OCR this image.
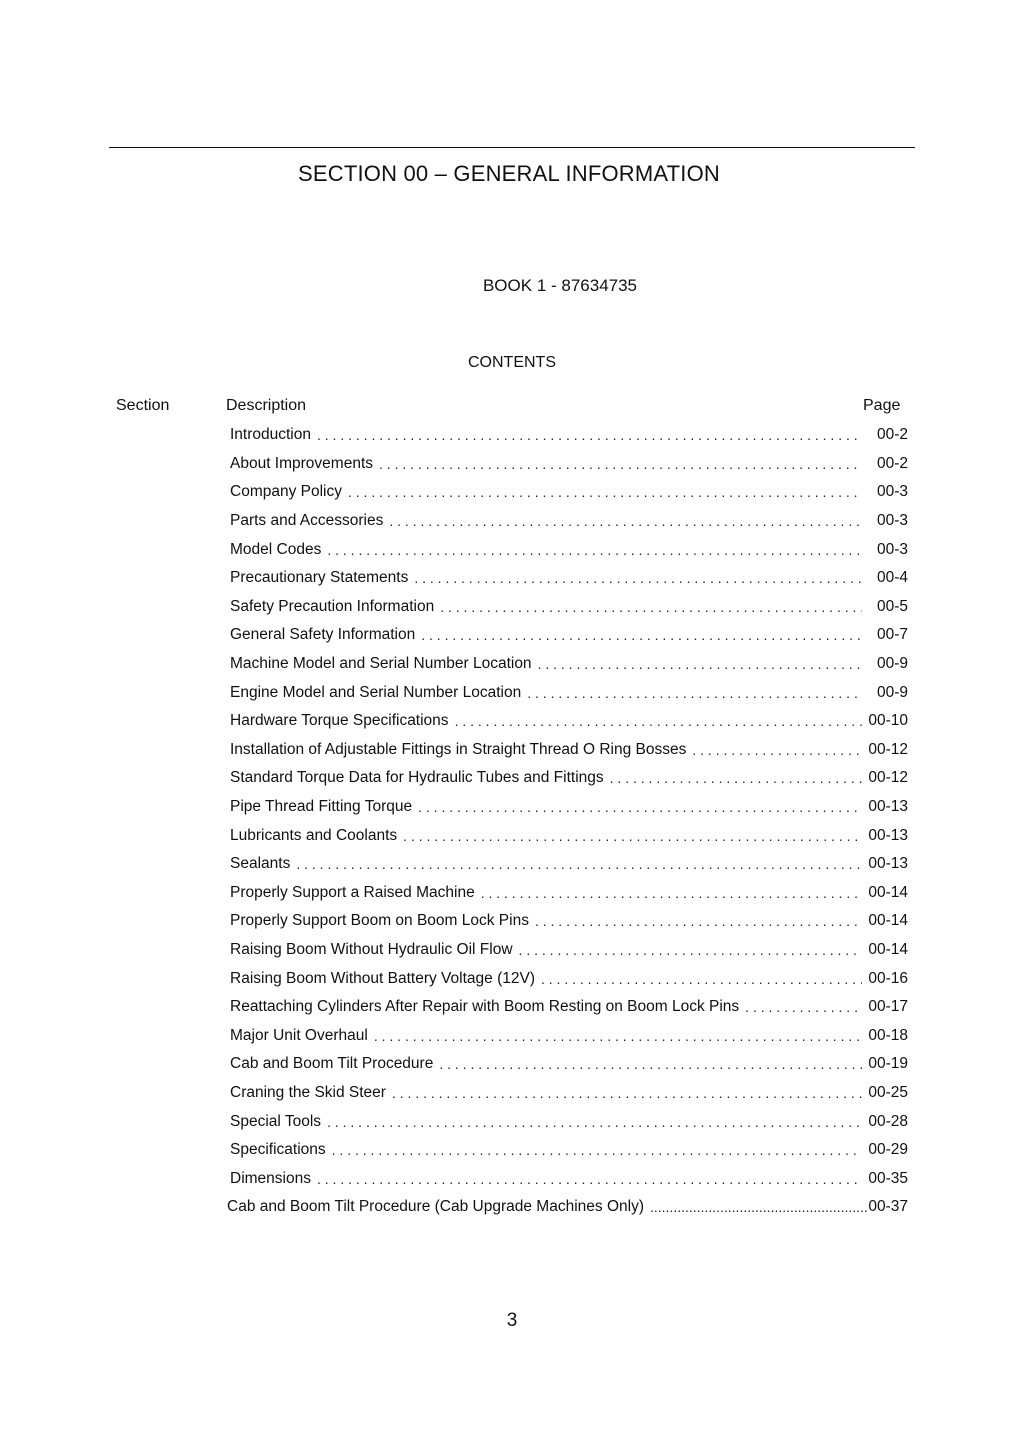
SECTION 00 – GENERAL INFORMATION
BOOK 1 - 87634735
CONTENTS
Section	Description	Page
Introduction . . .	00-2
About Improvements . . .	00-2
Company Policy . . .	00-3
Parts and Accessories . . .	00-3
Model Codes . . .	00-3
Precautionary Statements . . .	00-4
Safety Precaution Information . . .	00-5
General Safety Information . . .	00-7
Machine Model and Serial Number Location . . .	00-9
Engine Model and Serial Number Location . . .	00-9
Hardware Torque Specifications . . .	00-10
Installation of Adjustable Fittings in Straight Thread O Ring Bosses . . .	00-12
Standard Torque Data for Hydraulic Tubes and Fittings . . .	00-12
Pipe Thread Fitting Torque . . .	00-13
Lubricants and Coolants . . .	00-13
Sealants . . .	00-13
Properly Support a Raised Machine . . .	00-14
Properly Support Boom on Boom Lock Pins . . .	00-14
Raising Boom Without Hydraulic Oil Flow . . .	00-14
Raising Boom Without Battery Voltage (12V) . . .	00-16
Reattaching Cylinders After Repair with Boom Resting on Boom Lock Pins . . .	00-17
Major Unit Overhaul . . .	00-18
Cab and Boom Tilt Procedure . . .	00-19
Craning the Skid Steer . . .	00-25
Special Tools . . .	00-28
Specifications . . .	00-29
Dimensions . . .	00-35
Cab and Boom Tilt Procedure (Cab Upgrade Machines Only) .....	00-37
3
